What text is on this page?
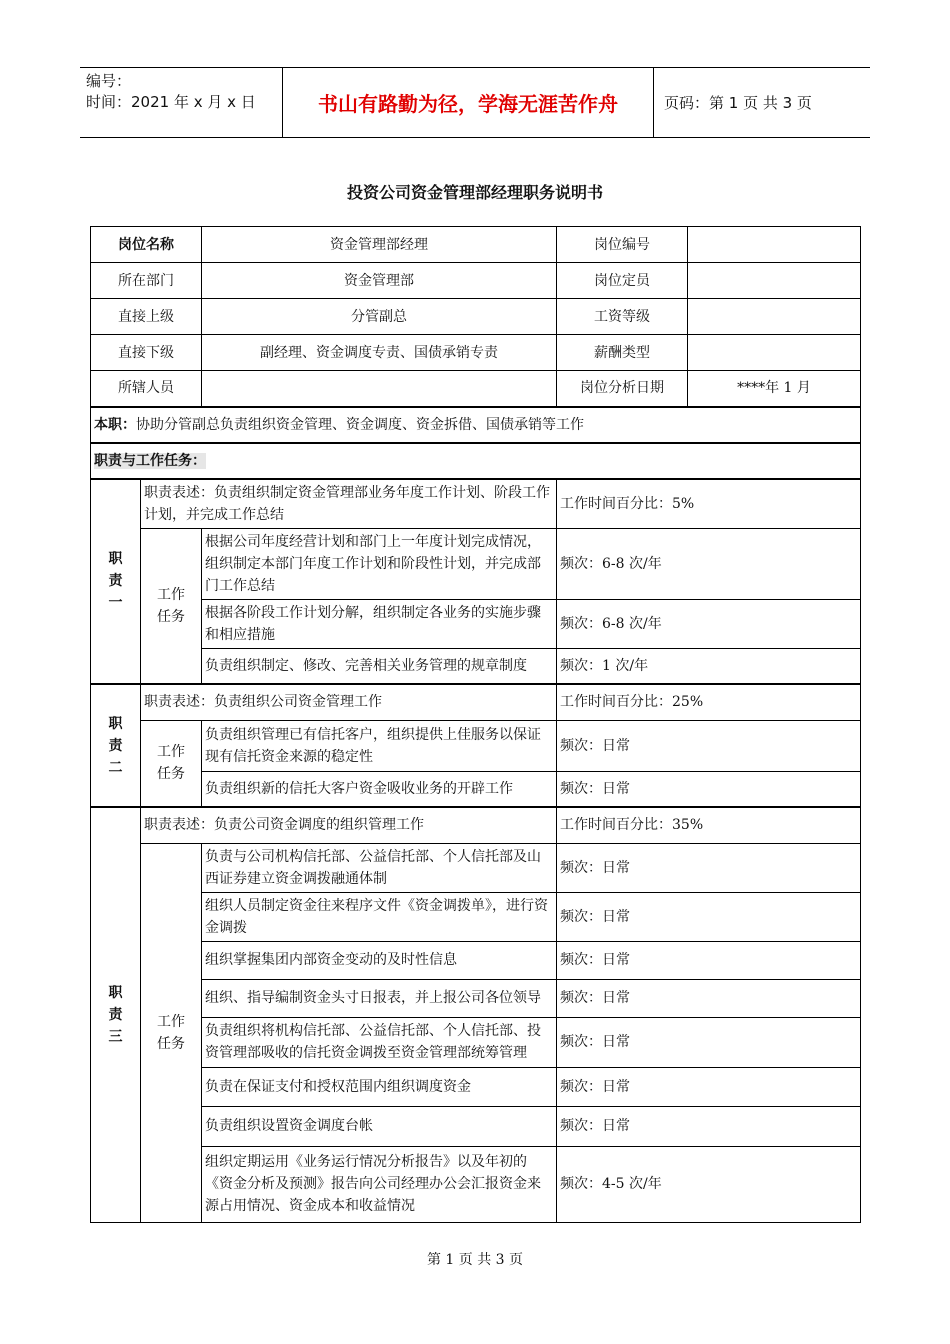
编号：
时间：2021 年 x 月 x 日	书山有路勤为径，学海无涯苦作舟	页码：第 1 页 共 3 页
投资公司资金管理部经理职务说明书
岗位名称		资金管理部经理	岗位编号	
所在部门		资金管理部	岗位定员	
直接上级		分管副总	工资等级	
直接下级		副经理、资金调度专责、国债承销专责	薪酬类型	
所辖人员			岗位分析日期	****年 1 月
本职：协助分管副总负责组织资金管理、资金调度、资金拆借、国债承销等工作				
职责与工作任务：				
职责一	职责表述：负责组织制定资金管理部业务年度工作计划、阶段工作计划，并完成工作总结		工作时间百分比：5%	
	工作任务	根据公司年度经营计划和部门上一年度计划完成情况，组织制定本部门年度工作计划和阶段性计划，并完成部门工作总结	频次：6-8 次/年	
		根据各阶段工作计划分解，组织制定各业务的实施步骤和相应措施	频次：6-8 次/年	
		负责组织制定、修改、完善相关业务管理的规章制度	频次：1 次/年	
职责二	职责表述：负责组织公司资金管理工作		工作时间百分比：25%	
	工作任务	负责组织管理已有信托客户，组织提供上佳服务以保证现有信托资金来源的稳定性	频次：日常	
		负责组织新的信托大客户资金吸收业务的开辟工作	频次：日常	
职责三	职责表述：负责公司资金调度的组织管理工作		工作时间百分比：35%	
	工作任务	负责与公司机构信托部、公益信托部、个人信托部及山西证券建立资金调拨融通体制	频次：日常	
		组织人员制定资金往来程序文件《资金调拨单》，进行资金调拨	频次：日常	
		组织掌握集团内部资金变动的及时性信息	频次：日常	
		组织、指导编制资金头寸日报表，并上报公司各位领导	频次：日常	
		负责组织将机构信托部、公益信托部、个人信托部、投资管理部吸收的信托资金调拨至资金管理部统筹管理	频次：日常	
		负责在保证支付和授权范围内组织调度资金	频次：日常	
		负责组织设置资金调度台帐	频次：日常	
		组织定期运用《业务运行情况分析报告》以及年初的《资金分析及预测》报告向公司经理办公会汇报资金来源占用情况、资金成本和收益情况	频次：4-5 次/年	
第 1 页 共 3 页
